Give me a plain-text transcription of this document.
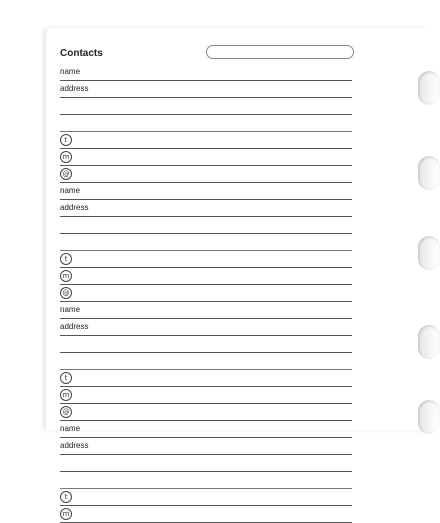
Contacts
name
address
t
m
@
name
address
t
m
@
name
address
t
m
@
name
address
t
m
